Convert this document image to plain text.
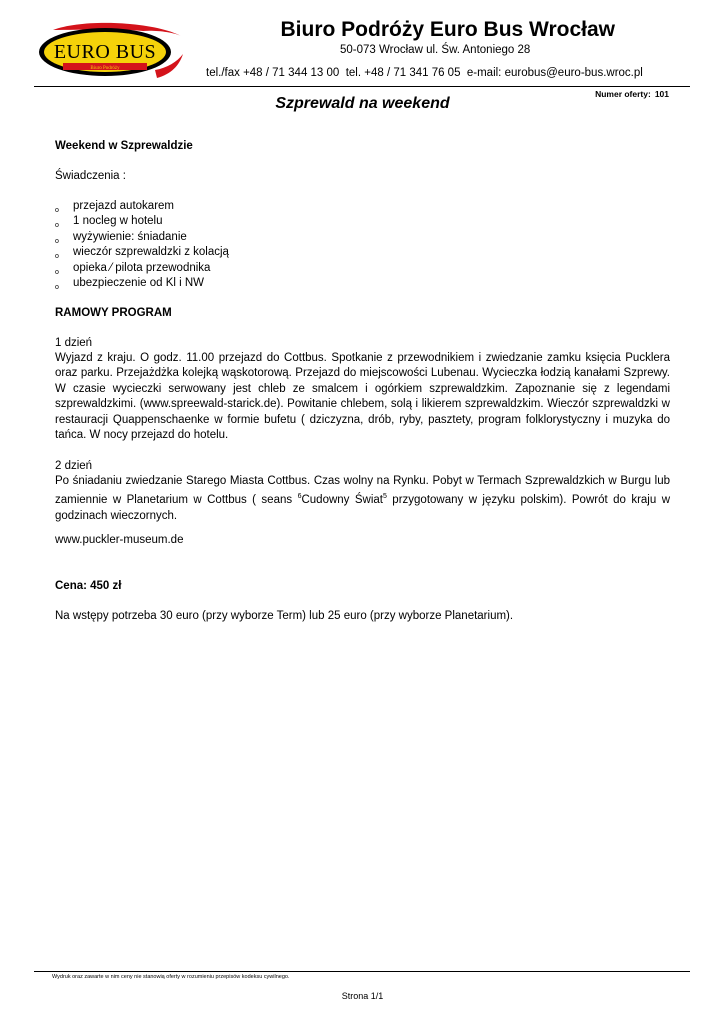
EURO BUS
Biuro Podróży
Biuro Podróży Euro Bus Wrocław
50-073 Wrocław ul. Św. Antoniego 28
tel./fax +48 / 71 344 13 00 tel. +48 / 71 341 76 05 e-mail: eurobus@euro-bus.wroc.pl
Numer oferty: 101
Szprewald na weekend
Weekend w Szprewaldzie
Świadczenia :
o przejazd autokarem
o 1 nocleg w hotelu
o wyżywienie: śniadanie
o wieczór szprewaldzki z kolacją
o opieka ⁄ pilota przewodnika
o ubezpieczenie od Kl i NW
RAMOWY PROGRAM
1 dzień
Wyjazd z kraju. O godz. 11.00 przejazd do Cottbus. Spotkanie z przewodnikiem i zwiedzanie zamku księcia Pucklera oraz parku. Przejażdżka kolejką wąskotorową. Przejazd do miejscowości Lubenau. Wycieczka łodzią kanałami Szprewy. W czasie wycieczki serwowany jest chleb ze smalcem i ogórkiem szprewaldzkim. Zapoznanie się z legendami szprewaldzkimi. (www.spreewald-starick.de). Powitanie chlebem, solą i likierem szprewaldzkim. Wieczór szprewaldzki w restauracji Quappenschaenke w formie bufetu ( dziczyzna, drób, ryby, pasztety, program folklorystyczny i muzyka do tańca. W nocy przejazd do hotelu.
2 dzień
Po śniadaniu zwiedzanie Starego Miasta Cottbus. Czas wolny na Rynku. Pobyt w Termach Szprewaldzkich w Burgu lub zamiennie w Planetarium w Cottbus ( seans $^6$Cudowny Świat$^5$ przygotowany w języku polskim). Powrót do kraju w godzinach wieczornych.
www.puckler-museum.de
Cena: 450 zł
Na wstępy potrzeba 30 euro (przy wyborze Term) lub 25 euro (przy wyborze Planetarium).
Wydruk oraz zawarte w nim ceny nie stanowią oferty w rozumieniu przepisów kodeksu cywilnego.
Strona 1/1
